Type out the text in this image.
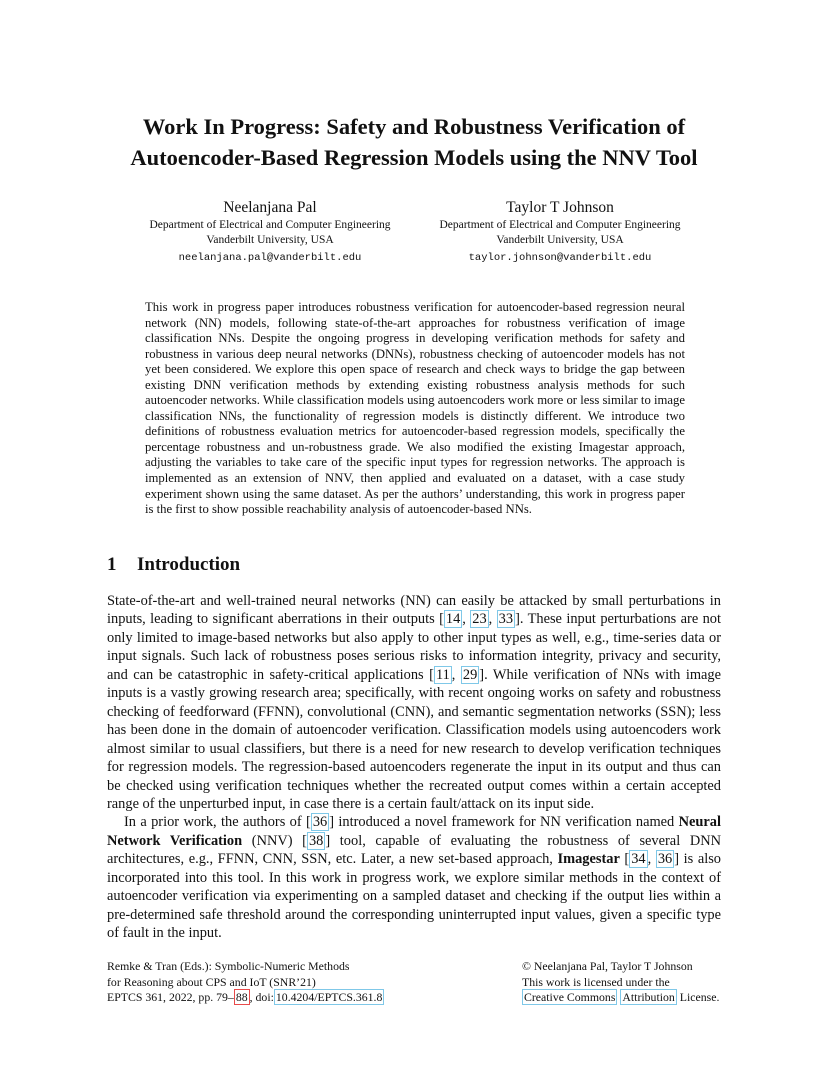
Work In Progress: Safety and Robustness Verification of
Autoencoder-Based Regression Models using the NNV Tool
Neelanjana Pal
Department of Electrical and Computer Engineering
Vanderbilt University, USA
neelanjana.pal@vanderbilt.edu
Taylor T Johnson
Department of Electrical and Computer Engineering
Vanderbilt University, USA
taylor.johnson@vanderbilt.edu
This work in progress paper introduces robustness verification for autoencoder-based regression neural network (NN) models, following state-of-the-art approaches for robustness verification of image classification NNs. Despite the ongoing progress in developing verification methods for safety and robustness in various deep neural networks (DNNs), robustness checking of autoencoder models has not yet been considered. We explore this open space of research and check ways to bridge the gap between existing DNN verification methods by extending existing robustness analysis methods for such autoencoder networks. While classification models using autoencoders work more or less similar to image classification NNs, the functionality of regression models is distinctly different. We introduce two definitions of robustness evaluation metrics for autoencoder-based regression models, specifically the percentage robustness and un-robustness grade. We also modified the existing Imagestar approach, adjusting the variables to take care of the specific input types for regression networks. The approach is implemented as an extension of NNV, then applied and evaluated on a dataset, with a case study experiment shown using the same dataset. As per the authors’ understanding, this work in progress paper is the first to show possible reachability analysis of autoencoder-based NNs.
1 Introduction

State-of-the-art and well-trained neural networks (NN) can easily be attacked by small perturbations in inputs, leading to significant aberrations in their outputs [ 14 , 23 , 33 ]. These input perturbations are not only limited to image-based networks but also apply to other input types as well, e.g., time-series data or input signals. Such lack of robustness poses serious risks to information integrity, privacy and security, and can be catastrophic in safety-critical applications [ 11 , 29 ]. While verification of NNs with image inputs is a vastly growing research area; specifically, with recent ongoing works on safety and robustness checking of feedforward (FFNN), convolutional (CNN), and semantic segmentation networks (SSN); less has been done in the domain of autoencoder verification. Classification models using autoencoders work almost similar to usual classifiers, but there is a need for new research to develop verification techniques for regression models. The regression-based autoencoders regenerate the input in its output and thus can be checked using verification techniques whether the recreated output comes within a certain accepted range of the unperturbed input, in case there is a certain fault/attack on its input side.

In a prior work, the authors of [ 36 ] introduced a novel framework for NN verification named Neural Network Verification (NNV) [ 38 ] tool, capable of evaluating the robustness of several DNN architectures, e.g., FFNN, CNN, SSN, etc. Later, a new set-based approach, Imagestar [ 34 , 36 ] is also incorporated into this tool. In this work in progress work, we explore similar methods in the context of autoencoder verification via experimenting on a sampled dataset and checking if the output lies within a pre-determined safe threshold around the corresponding uninterrupted input values, given a specific type of fault in the input.

Remke & Tran (Eds.): Symbolic-Numeric Methods
for Reasoning about CPS and IoT (SNR’21)
EPTCS 361, 2022, pp. 79– 88 , doi: 10.4204/EPTCS.361.8
© Neelanjana Pal, Taylor T Johnson
This work is licensed under the
Creative Commons Attribution License.
